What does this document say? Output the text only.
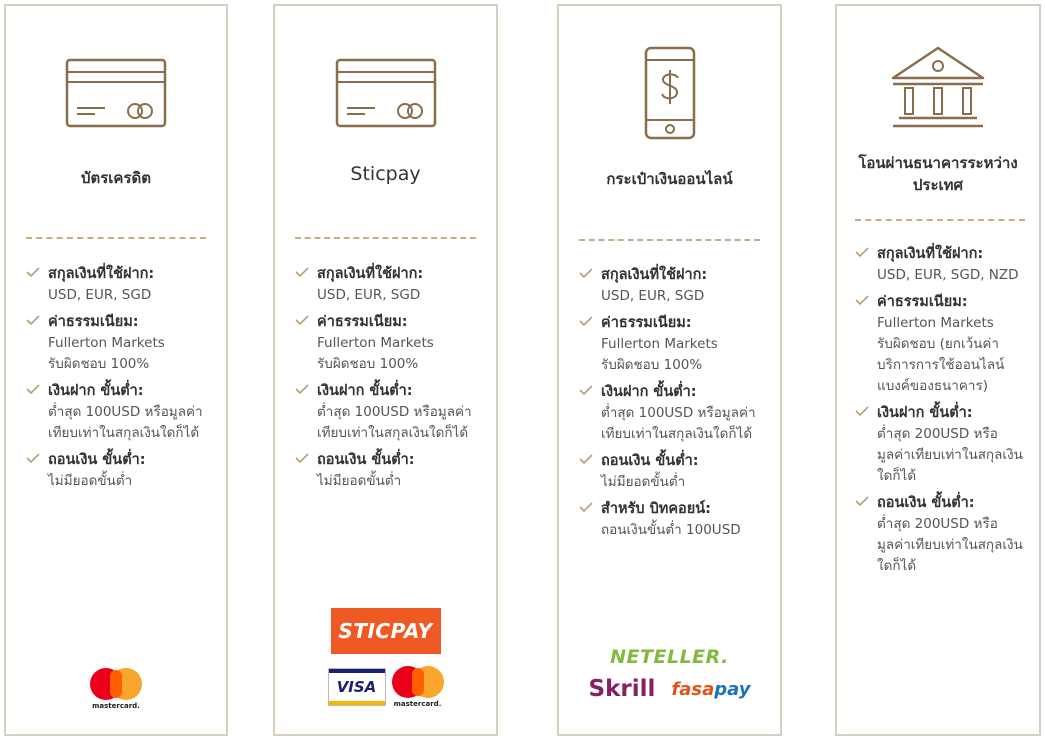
บัตรเครดิต
สกุลเงินที่ใช้ฝาก:
USD, EUR, SGD
ค่าธรรมเนียม:
Fullerton Markets
รับผิดชอบ 100%
เงินฝาก ขั้นต่ำ:
ต่ำสุด 100USD หรือมูลค่า
เทียบเท่าในสกุลเงินใดก็ได้
ถอนเงิน ขั้นต่ำ:
ไม่มียอดขั้นต่ำ
mastercard.
Sticpay
สกุลเงินที่ใช้ฝาก:
USD, EUR, SGD
ค่าธรรมเนียม:
Fullerton Markets
รับผิดชอบ 100%
เงินฝาก ขั้นต่ำ:
ต่ำสุด 100USD หรือมูลค่า
เทียบเท่าในสกุลเงินใดก็ได้
ถอนเงิน ขั้นต่ำ:
ไม่มียอดขั้นต่ำ
STICPAY
VISA
mastercard.
กระเป๋าเงินออนไลน์
สกุลเงินที่ใช้ฝาก:
USD, EUR, SGD
ค่าธรรมเนียม:
Fullerton Markets
รับผิดชอบ 100%
เงินฝาก ขั้นต่ำ:
ต่ำสุด 100USD หรือมูลค่า
เทียบเท่าในสกุลเงินใดก็ได้
ถอนเงิน ขั้นต่ำ:
ไม่มียอดขั้นต่ำ
สำหรับ บิทคอยน์:
ถอนเงินขั้นต่ำ 100USD
NETELLER.
Skrill fasapay
โอนผ่านธนาคารระหว่าง
ประเทศ
สกุลเงินที่ใช้ฝาก:
USD, EUR, SGD, NZD
ค่าธรรมเนียม:
Fullerton Markets
รับผิดชอบ (ยกเว้นค่า
บริการการใช้ออนไลน์
แบงค์ของธนาคาร)
เงินฝาก ขั้นต่ำ:
ต่ำสุด 200USD หรือ
มูลค่าเทียบเท่าในสกุลเงิน
ใดก็ได้
ถอนเงิน ขั้นต่ำ:
ต่ำสุด 200USD หรือ
มูลค่าเทียบเท่าในสกุลเงิน
ใดก็ได้
